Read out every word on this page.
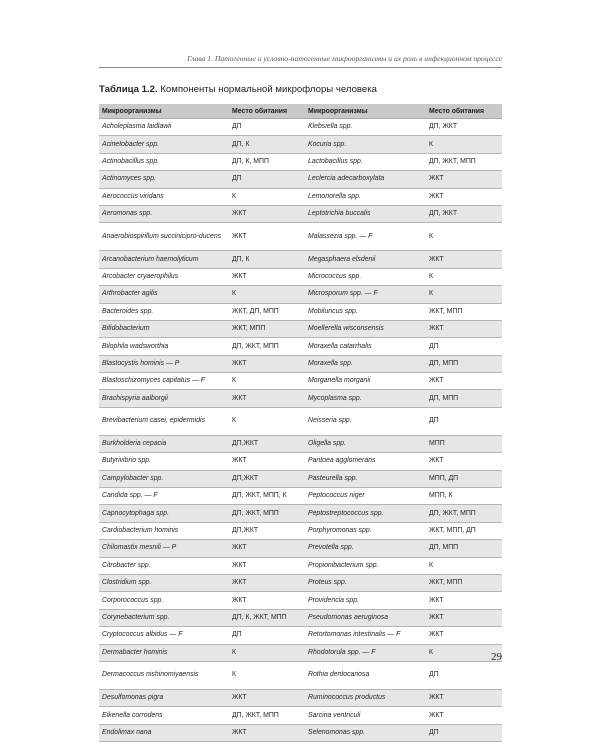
Глава 1. Патогенные и условно-патогенные микроорганизмы и их роль в инфекционном процессе
Таблица 1.2. Компоненты нормальной микрофлоры человека
Микроорганизмы	Место обитания	Микроорганизмы	Место обитания
Acholeplasma laidlawii	ДП	Klebsiella spp.	ДП, ЖКТ
Acinetobacter spp.	ДП, К	Kocuria spp.	К
Actinobacillus spp.	ДП, К, МПП	Lactobacillus spp.	ДП, ЖКТ, МПП
Actinomyces spp.	ДП	Leclercia adecarboxylata	ЖКТ
Aerococcus viridans	К	Lemonorella spp.	ЖКТ
Aeromonas spp.	ЖКТ	Leptotrichia buccalis	ДП, ЖКТ
Anaerobiospirillum succinicipro-ducens	ЖКТ	Malassezia spp. — F	К
Arcanobacterium haemolyticum	ДП, К	Megasphaera elsdenii	ЖКТ
Arcobacter cryaerophilus	ЖКТ	Micrococcus spp.	К
Arthrobacter agilis	К	Microsporum spp. — F	К
Bacteroides spp.	ЖКТ, ДП, МПП	Mobiluncus spp.	ЖКТ, МПП
Bifidobacterium	ЖКТ, МПП	Moellerella wisconsensis	ЖКТ
Bilophila wadsworthia	ДП, ЖКТ, МПП	Moraxella catarrhalis	ДП
Blastocystis hominis — P	ЖКТ	Moraxella spp.	ДП, МПП
Blastoschizomyces capitatus — F	К	Morganella morganii	ЖКТ
Brachispyria aalborgii	ЖКТ	Mycoplasma spp.	ДП, МПП
Brevibacterium casei, epidermidis	К	Neisseria spp.	ДП
Burkholderia cepacia	ДП,ЖКТ	Oligella spp.	МПП
Butyrivibrio spp.	ЖКТ	Pantoea agglomerans	ЖКТ
Campylobacter spp.	ДП,ЖКТ	Pasteurella spp.	МПП, ДП
Candida spp. — F	ДП, ЖКТ, МПП, К	Peptococcus niger	МПП, К
Capnocytophaga spp.	ДП, ЖКТ, МПП	Peptostreptococcus spp.	ДП, ЖКТ, МПП
Cardiobacterium hominis	ДП,ЖКТ	Porphyromonas spp.	ЖКТ, МПП, ДП
Chilomastix mesnili — P	ЖКТ	Prevotella spp.	ДП, МПП
Citrobacter spp.	ЖКТ	Propionibacterium spp.	К
Clostridium spp.	ЖКТ	Proteus spp.	ЖКТ, МПП
Corporococcus spp.	ЖКТ	Providencia spp.	ЖКТ
Corynebacterium spp.	ДП, К, ЖКТ, МПП	Pseudomonas aeruginosa	ЖКТ
Cryptococcus albidus — F	ДП	Retortomonas intestinalis — F	ЖКТ
Dermabacter hominis	К	Rhodotorula spp. — F	К
Dermacoccus nishinomiyaensis	К	Rothia dentocariosa	ДП
Desulfomonas pigra	ЖКТ	Ruminococcus productus	ЖКТ
Eikenella corrodens	ДП, ЖКТ, МПП	Sarcina ventriculi	ЖКТ
Endolimax nana	ЖКТ	Selenomonas spp.	ДП
29
